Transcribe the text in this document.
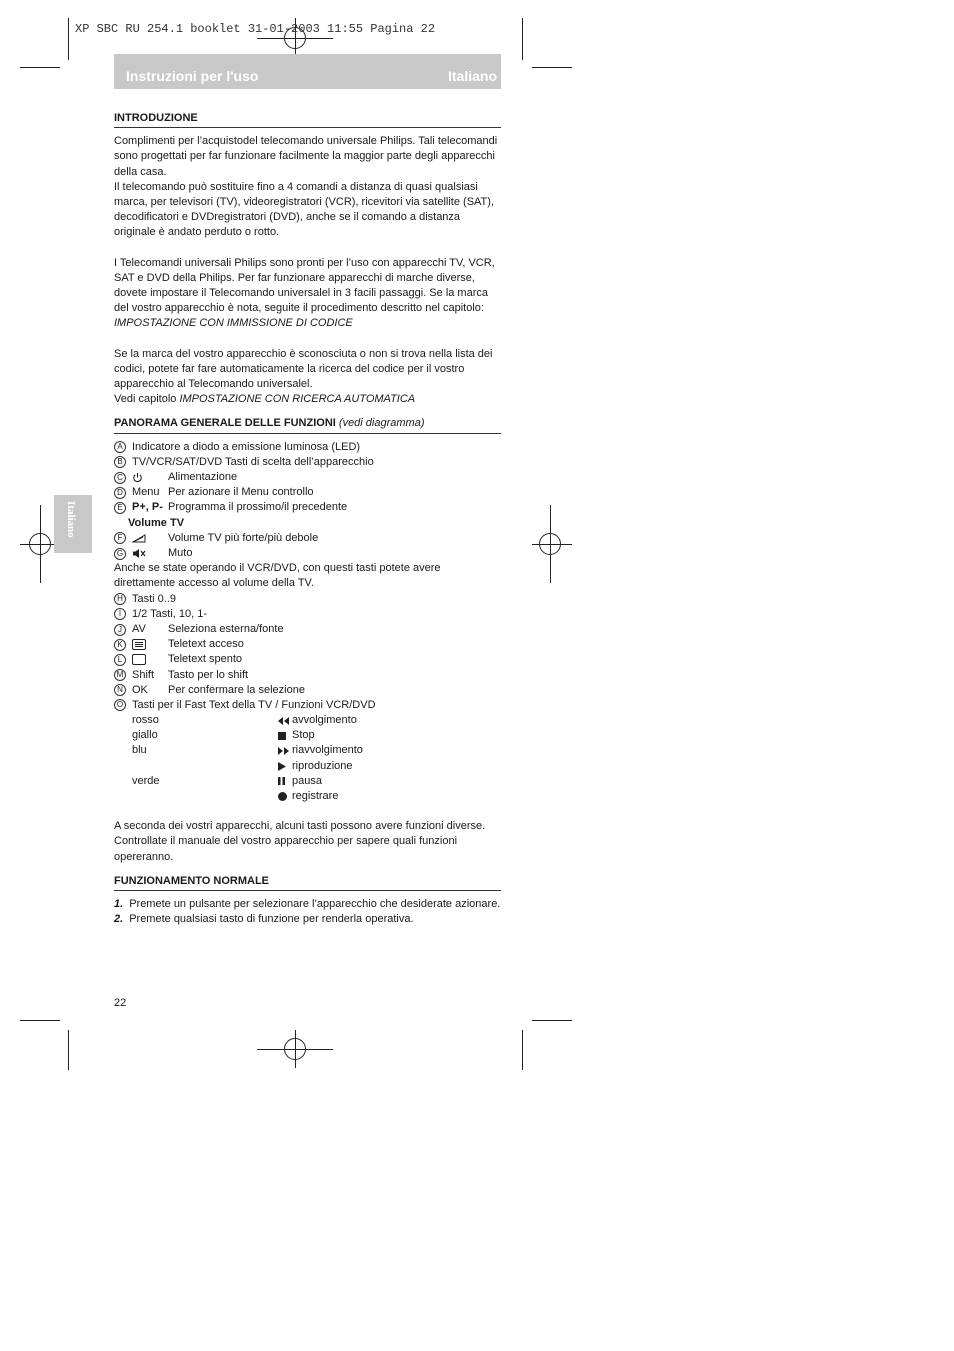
XP SBC RU 254.1 booklet 31-01-2003 11:55 Pagina 22
Instruzioni per l'uso	Italiano
Italiano
INTRODUZIONE

Complimenti per l’acquistodel telecomando universale Philips. Tali telecomandi sono progettati per far funzionare facilmente la maggior parte degli apparecchi della casa.

Il telecomando può sostituire fino a 4 comandi a distanza di quasi qualsiasi marca, per televisori (TV), videoregistratori (VCR), ricevitori via satellite (SAT), decodificatori e DVDregistratori (DVD), anche se il comando a distanza originale è andato perduto o rotto.

I Telecomandi universali Philips sono pronti per l’uso con apparecchi TV, VCR, SAT e DVD della Philips. Per far funzionare apparecchi di marche diverse, dovete impostare il Telecomando universalel in 3 facili passaggi. Se la marca del vostro apparecchio è nota, seguite il procedimento descritto nel capitolo:
IMPOSTAZIONE CON IMMISSIONE DI CODICE

Se la marca del vostro apparecchio è sconosciuta o non si trova nella lista dei codici, potete far fare automaticamente la ricerca del codice per il vostro apparecchio al Telecomando universalel.
Vedi capitolo IMPOSTAZIONE CON RICERCA AUTOMATICA

PANORAMA GENERALE DELLE FUNZIONI (vedi diagramma)
A Indicatore a diodo a emissione luminosa (LED)
B TV/VCR/SAT/DVD Tasti di scelta dell’apparecchio
C	Alimentazione
D Menu Per azionare il Menu controllo
E P+, P- Programma il prossimo/il precedente
Volume TV
F	Volume TV più forte/più debole
G	Muto

Anche se state operando il VCR/DVD, con questi tasti potete avere direttamente accesso al volume della TV.

H Tasti 0..9
I 1/2 Tasti, 10, 1-
J AV	Seleziona esterna/fonte
K	Teletext acceso
L	Teletext spento
M Shift	Tasto per lo shift
N OK	Per confermare la selezione
O Tasti per il Fast Text della TV / Funzioni VCR/DVD
rosso	avvolgimento
giallo	Stop
blu	riavvolgimento
riproduzione
verde	pausa
registrare

A seconda dei vostri apparecchi, alcuni tasti possono avere funzioni diverse. Controllate il manuale del vostro apparecchio per sapere quali funzioni opereranno.

FUNZIONAMENTO NORMALE
1. Premete un pulsante per selezionare l’apparecchio che desiderate azionare.
2. Premete qualsiasi tasto di funzione per renderla operativa.
22
